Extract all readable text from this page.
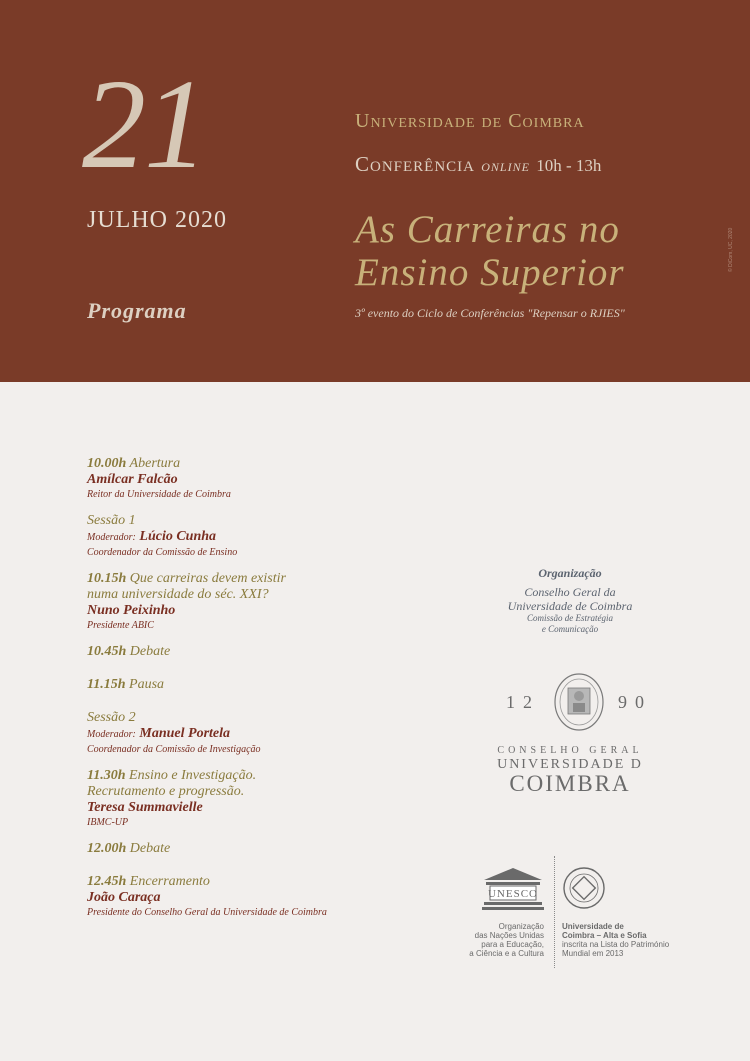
21
JULHO 2020
Programa
Universidade de Coimbra
Conferência online 10h - 13h
As Carreiras no
Ensino Superior
3º evento do Ciclo de Conferências "Repensar o RJIES"
© DiCom, UC, 2020
10.00h Abertura
Amílcar Falcão
Reitor da Universidade de Coimbra
Sessão 1
Moderador: Lúcio Cunha
Coordenador da Comissão de Ensino
10.15h Que carreiras devem existir
numa universidade do séc. XXI?
Nuno Peixinho
Presidente ABIC
10.45h Debate
11.15h Pausa
Sessão 2
Moderador: Manuel Portela
Coordenador da Comissão de Investigação
11.30h Ensino e Investigação.
Recrutamento e progressão.
Teresa Summavielle
IBMC-UP
12.00h Debate
12.45h Encerramento
João Caraça
Presidente do Conselho Geral da Universidade de Coimbra
Organização
Conselho Geral da
Universidade de Coimbra
Comissão de Estratégia
e Comunicação
12	90
CONSELHO GERAL
UNIVERSIDADE D
COIMBRA
UNESCO
Organização
das Nações Unidas
para a Educação,
a Ciência e a Cultura
Universidade de
Coimbra – Alta e Sofia
inscrita na Lista do Património
Mundial em 2013
